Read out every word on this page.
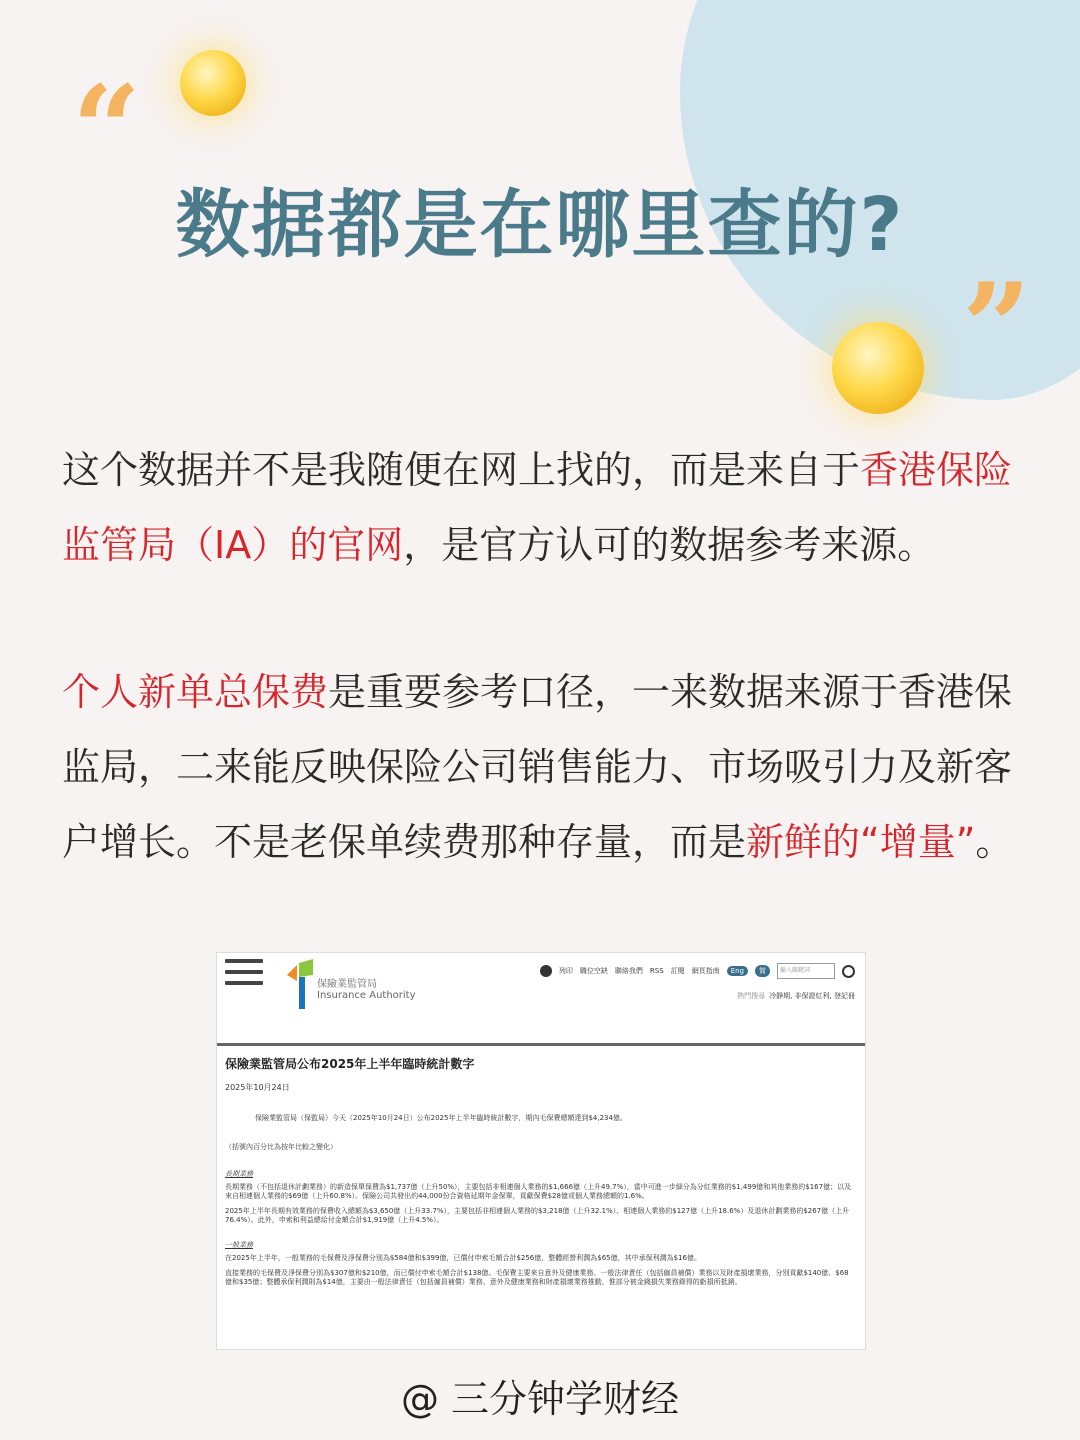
“
”
数据都是在哪里查的?
这个数据并不是我随便在网上找的，而是来自于香港保险监管局（IA）的官网，是官方认可的数据参考来源。
个人新单总保费是重要参考口径，一来数据来源于香港保监局，二来能反映保险公司销售能力、市场吸引力及新客户增长。不是老保单续费那种存量，而是新鲜的“增量”。
保險業監管局
Insurance Authority
列印 職位空缺 聯絡我們 RSS 訂閱 網頁指南	Eng	简	輸入關鍵詞
熱門搜尋 冷靜期, 非保證紅利, 登記冊
保險業監管局公布2025年上半年臨時統計數字
2025年10月24日
保險業監管局（保監局）今天（2025年10月24日）公布2025年上半年臨時統計數字，期內毛保費總額達到$4,234億。
（括號內百分比為按年比較之變化）
長期業務
長期業務（不包括退休計劃業務）的新造保單保費為$1,737億（上升50%），主要包括非相連個人業務的$1,666億（上升49.7%），當中可進一步細分為分紅業務的$1,499億和其他業務的$167億；以及來自相連個人業務的$69億（上升60.8%）。保險公司共發出約44,000份合資格延期年金保單，貢獻保費$28億或個人業務總額的1.6%。
2025年上半年長期有效業務的保費收入總額為$3,650億（上升33.7%），主要包括非相連個人業務的$3,218億（上升32.1%）、相連個人業務的$127億（上升18.6%）及退休計劃業務的$267億（上升76.4%）。此外，申索和利益總給付金額合計$1,919億（上升4.5%）。
一般業務
在2025年上半年，一般業務的毛保費及淨保費分別為$584億和$399億，已償付申索毛額合計$256億，整體經營利潤為$65億，其中承保利潤為$16億。
直接業務的毛保費及淨保費分別為$307億和$210億，而已償付申索毛額合計$138億。毛保費主要來自意外及健康業務、一般法律責任（包括僱員補償）業務以及財產損壞業務，分別貢獻$140億、$68億和$35億；整體承保利潤則為$14億，主要由一般法律責任（包括僱員補償）業務、意外及健康業務和財產損壞業務推動，惟部分被金錢損失業務錄得的虧損所抵銷。
@ 三分钟学财经
